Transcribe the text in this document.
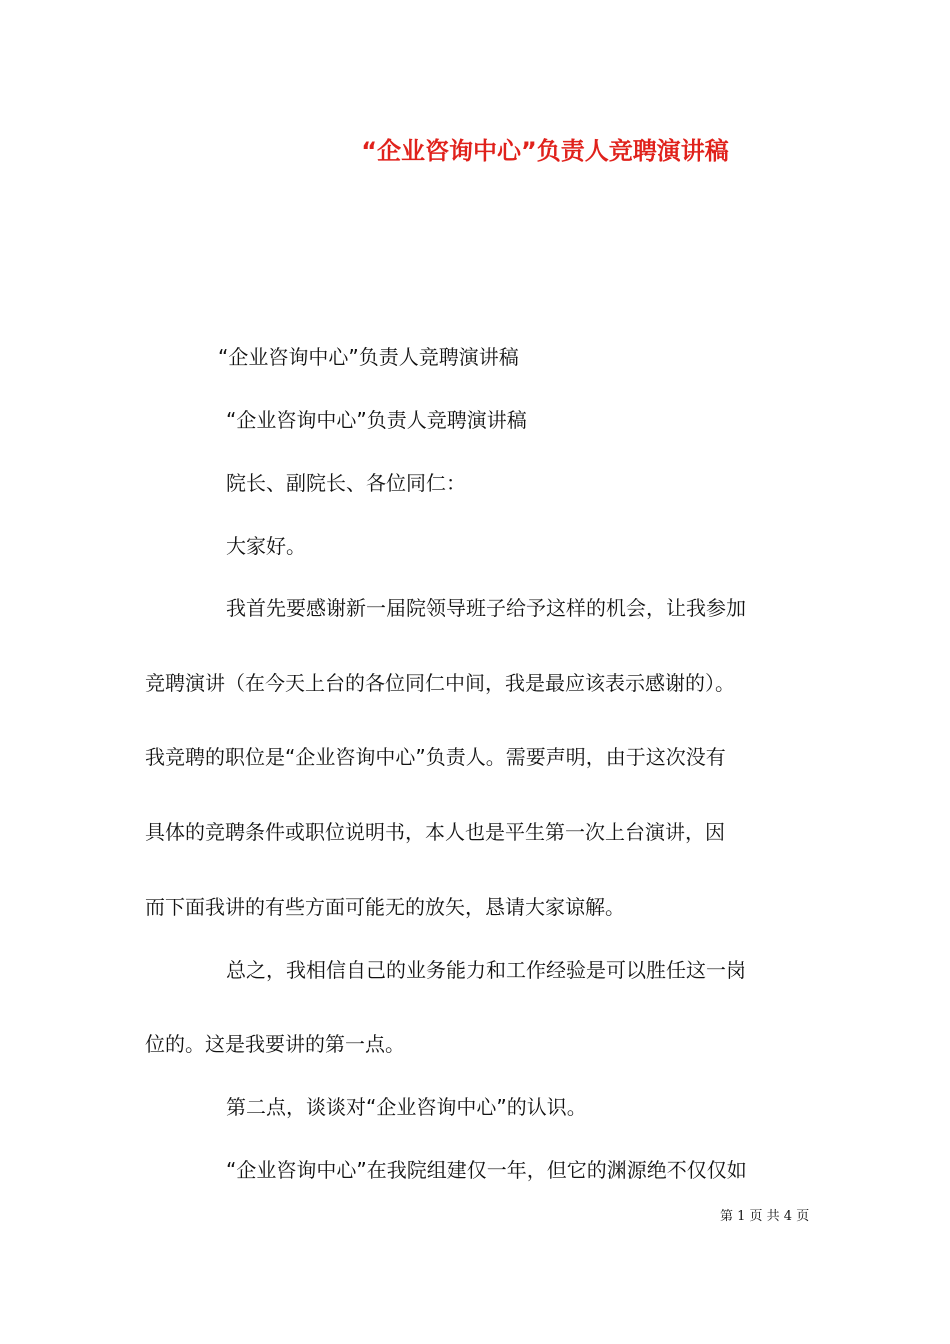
“企业咨询中心”负责人竞聘演讲稿
“企业咨询中心”负责人竞聘演讲稿
“企业咨询中心”负责人竞聘演讲稿
院长、副院长、各位同仁：
大家好。
我首先要感谢新一届院领导班子给予这样的机会，让我参加
竞聘演讲（在今天上台的各位同仁中间，我是最应该表示感谢的）。
我竞聘的职位是“企业咨询中心”负责人。需要声明，由于这次没有
具体的竞聘条件或职位说明书，本人也是平生第一次上台演讲，因
而下面我讲的有些方面可能无的放矢，恳请大家谅解。
总之，我相信自己的业务能力和工作经验是可以胜任这一岗
位的。这是我要讲的第一点。
第二点，谈谈对“企业咨询中心”的认识。
“企业咨询中心”在我院组建仅一年，但它的渊源绝不仅仅如
第 1 页 共 4 页
